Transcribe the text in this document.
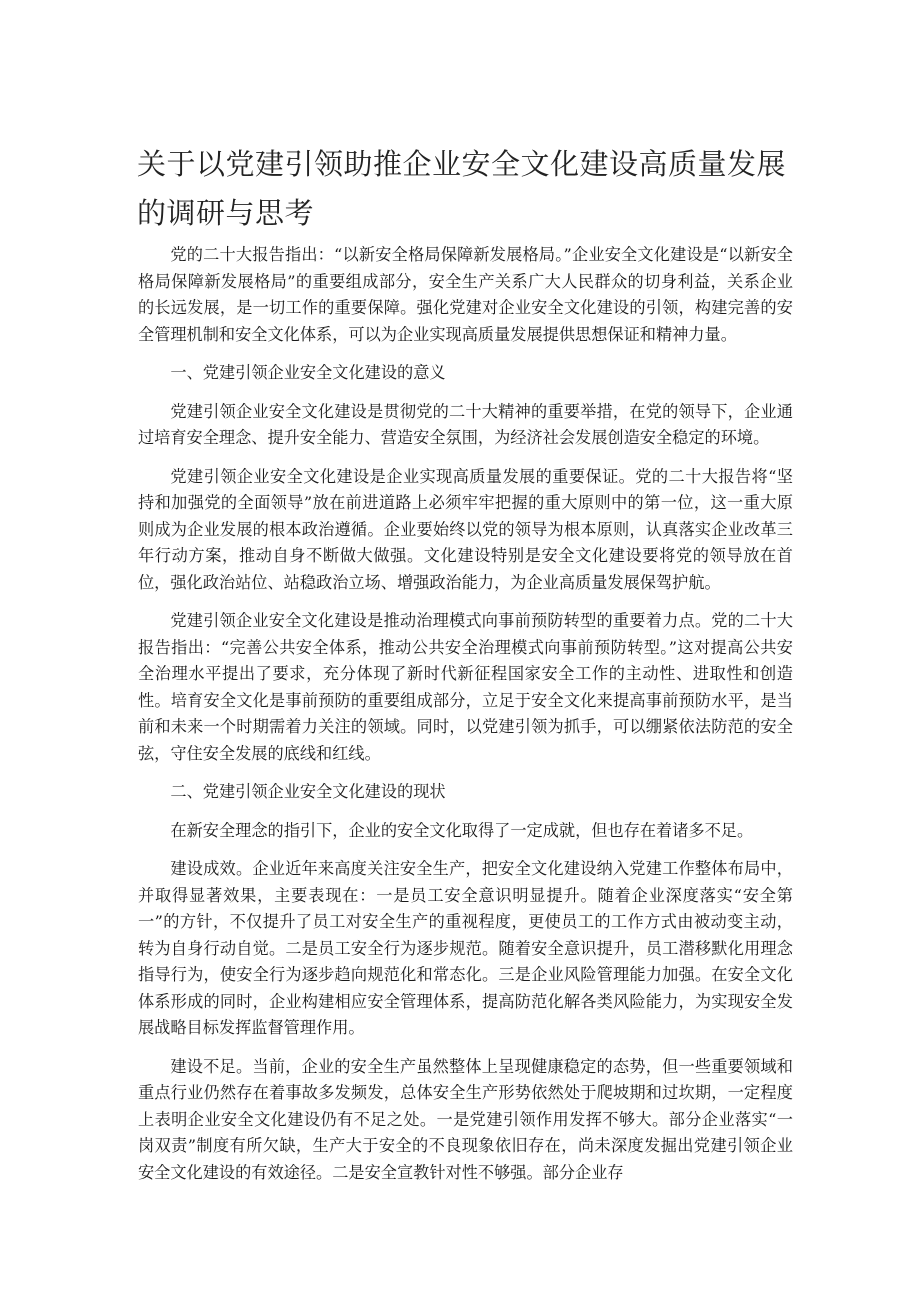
关于以党建引领助推企业安全文化建设高质量发展
的调研与思考

党的二十大报告指出：“以新安全格局保障新发展格局。”企业安全文化建设是“以新安全格局保障新发展格局”的重要组成部分，安全生产关系广大人民群众的切身利益，关系企业的长远发展，是一切工作的重要保障。强化党建对企业安全文化建设的引领，构建完善的安全管理机制和安全文化体系，可以为企业实现高质量发展提供思想保证和精神力量。

一、党建引领企业安全文化建设的意义

党建引领企业安全文化建设是贯彻党的二十大精神的重要举措，在党的领导下，企业通过培育安全理念、提升安全能力、营造安全氛围，为经济社会发展创造安全稳定的环境。

党建引领企业安全文化建设是企业实现高质量发展的重要保证。党的二十大报告将“坚持和加强党的全面领导”放在前进道路上必须牢牢把握的重大原则中的第一位，这一重大原则成为企业发展的根本政治遵循。企业要始终以党的领导为根本原则，认真落实企业改革三年行动方案，推动自身不断做大做强。文化建设特别是安全文化建设要将党的领导放在首位，强化政治站位、站稳政治立场、增强政治能力，为企业高质量发展保驾护航。

党建引领企业安全文化建设是推动治理模式向事前预防转型的重要着力点。党的二十大报告指出：“完善公共安全体系，推动公共安全治理模式向事前预防转型。”这对提高公共安全治理水平提出了要求，充分体现了新时代新征程国家安全工作的主动性、进取性和创造性。培育安全文化是事前预防的重要组成部分，立足于安全文化来提高事前预防水平，是当前和未来一个时期需着力关注的领域。同时，以党建引领为抓手，可以绷紧依法防范的安全弦，守住安全发展的底线和红线。

二、党建引领企业安全文化建设的现状

在新安全理念的指引下，企业的安全文化取得了一定成就，但也存在着诸多不足。

建设成效。企业近年来高度关注安全生产，把安全文化建设纳入党建工作整体布局中，并取得显著效果，主要表现在：一是员工安全意识明显提升。随着企业深度落实“安全第一”的方针，不仅提升了员工对安全生产的重视程度，更使员工的工作方式由被动变主动，转为自身行动自觉。二是员工安全行为逐步规范。随着安全意识提升，员工潜移默化用理念指导行为，使安全行为逐步趋向规范化和常态化。三是企业风险管理能力加强。在安全文化体系形成的同时，企业构建相应安全管理体系，提高防范化解各类风险能力，为实现安全发展战略目标发挥监督管理作用。

建设不足。当前，企业的安全生产虽然整体上呈现健康稳定的态势，但一些重要领域和重点行业仍然存在着事故多发频发，总体安全生产形势依然处于爬坡期和过坎期，一定程度上表明企业安全文化建设仍有不足之处。一是党建引领作用发挥不够大。部分企业落实“一岗双责”制度有所欠缺，生产大于安全的不良现象依旧存在，尚未深度发掘出党建引领企业安全文化建设的有效途径。二是安全宣教针对性不够强。部分企业存
